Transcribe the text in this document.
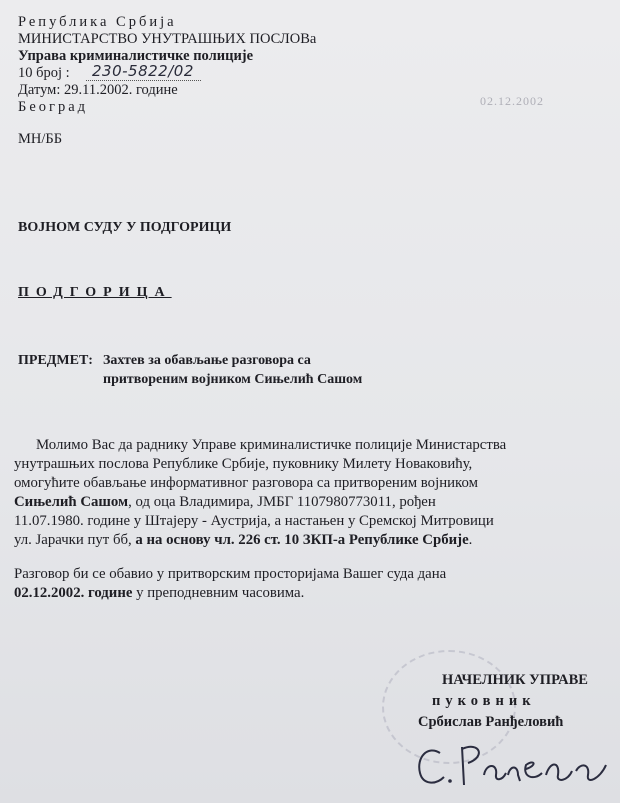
Република Србија
МИНИСТАРСТВО УНУТРАШЊИХ ПОСЛОВа
Управа криминалистичке полиције
10 број : 230-5822/02
Датум: 29.11.2002. године
02.12.2002
Београд
МН/ББ
ВОЈНОМ СУДУ У ПОДГОРИЦИ
ПОДГОРИЦА
ПРЕДМЕТ: Захтев за обављање разговора са
притвореним војником Сињелић Сашом
Молимо Вас да раднику Управе криминалистичке полиције Министарства
унутрашњих послова Републике Србије, пуковнику Милету Новаковићу,
омогућите обављање информативног разговора са притвореним војником
Сињелић Сашом, од оца Владимира, ЈМБГ 1107980773011, рођен
11.07.1980. године у Штајеру - Аустрија, а настањен у Сремској Митровици
ул. Јарачки пут бб, а на основу чл. 226 ст. 10 ЗКП-а Републике Србије.
Разговор би се обавио у притворским просторијама Вашег суда дана
02.12.2002. године у преподневним часовима.
НАЧЕЛНИК УПРАВЕ
пуковник
Србислав Ранђеловић
